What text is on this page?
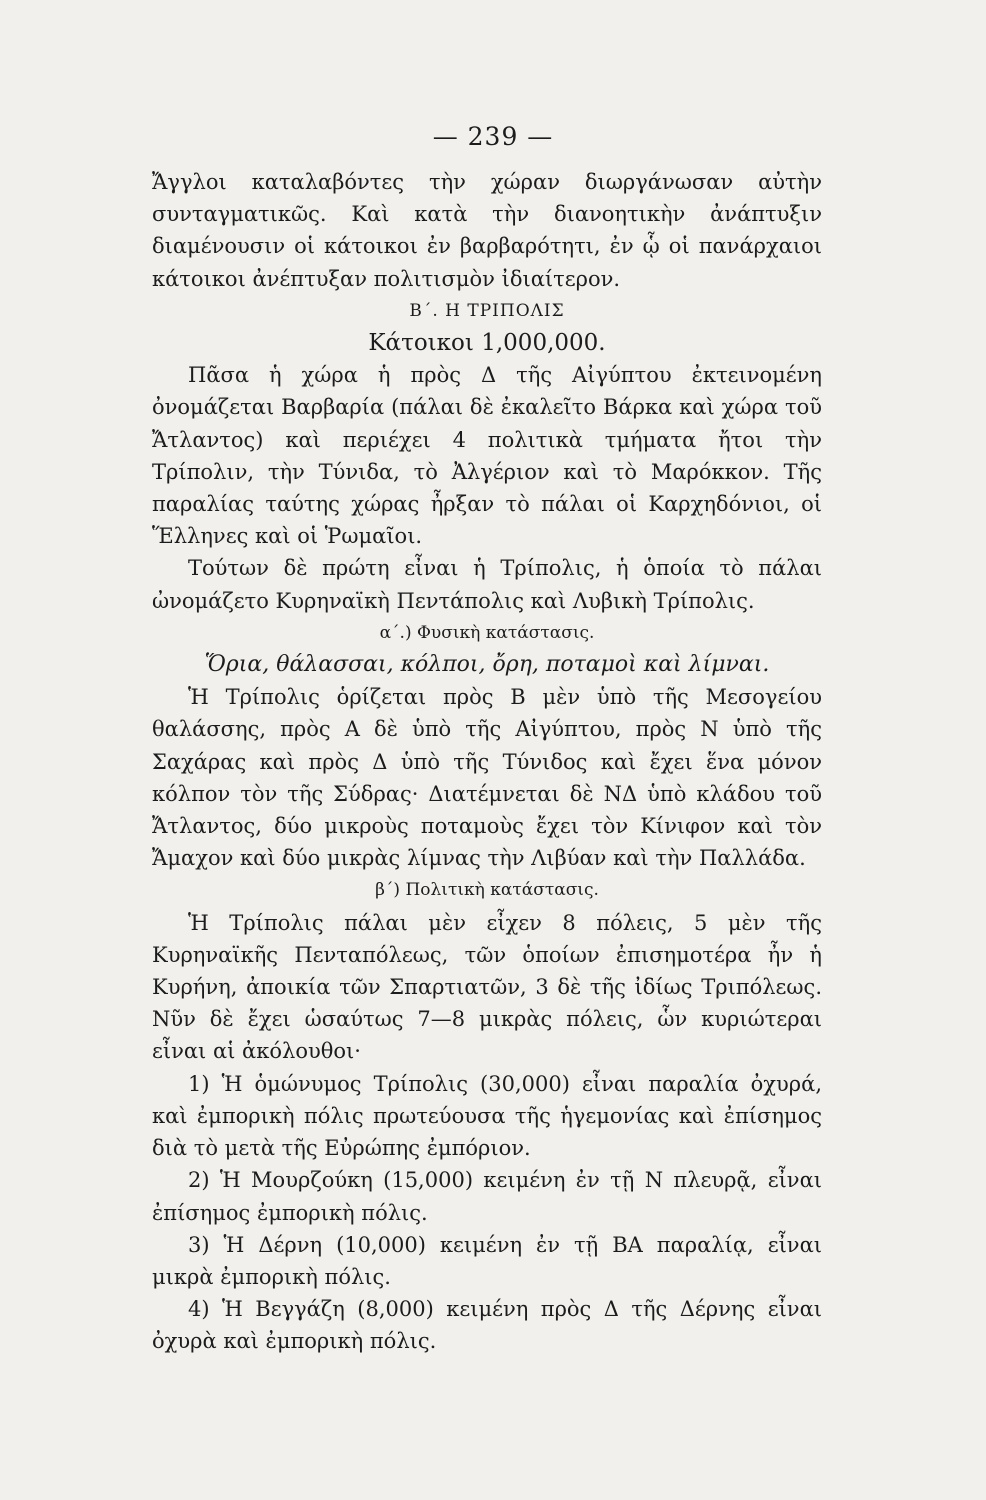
— 239 —

Ἄγγλοι καταλαβόντες τὴν χώραν διωργάνωσαν αὐτὴν συνταγματικῶς. Καὶ κατὰ τὴν διανοητικὴν ἀνάπτυξιν διαμένουσιν οἱ κάτοικοι ἐν βαρβαρότητι, ἐν ᾧ οἱ πανάρχαιοι κάτοικοι ἀνέπτυξαν πολιτισμὸν ἰδιαίτερον.

Β΄. Η ΤΡΙΠΟΛΙΣ

Κάτοικοι 1,000,000.

Πᾶσα ἡ χώρα ἡ πρὸς Δ τῆς Αἰγύπτου ἐκτεινομένη ὀνομάζεται Βαρβαρία (πάλαι δὲ ἐκαλεῖτο Βάρκα καὶ χώρα τοῦ Ἄτλαντος) καὶ περιέχει 4 πολιτικὰ τμήματα ἤτοι τὴν Τρίπολιν, τὴν Τύνιδα, τὸ Ἀλγέριον καὶ τὸ Μαρόκκον. Τῆς παραλίας ταύτης χώρας ἦρξαν τὸ πάλαι οἱ Καρχηδόνιοι, οἱ Ἕλληνες καὶ οἱ Ῥωμαῖοι.

Τούτων δὲ πρώτη εἶναι ἡ Τρίπολις, ἡ ὁποία τὸ πάλαι ὠνομάζετο Κυρηναϊκὴ Πεντάπολις καὶ Λυβικὴ Τρίπολις.

α΄.) Φυσικὴ κατάστασις.

Ὅρια, θάλασσαι, κόλποι, ὄρη, ποταμοὶ καὶ λίμναι.

Ἡ Τρίπολις ὁρίζεται πρὸς Β μὲν ὑπὸ τῆς Μεσογείου θαλάσσης, πρὸς Α δὲ ὑπὸ τῆς Αἰγύπτου, πρὸς Ν ὑπὸ τῆς Σαχάρας καὶ πρὸς Δ ὑπὸ τῆς Τύνιδος καὶ ἔχει ἕνα μόνον κόλπον τὸν τῆς Σύδρας· Διατέμνεται δὲ ΝΔ ὑπὸ κλάδου τοῦ Ἄτλαντος, δύο μικροὺς ποταμοὺς ἔχει τὸν Κίνιφον καὶ τὸν Ἄμαχον καὶ δύο μικρὰς λίμνας τὴν Λιβύαν καὶ τὴν Παλλάδα.

β΄) Πολιτικὴ κατάστασις.

Ἡ Τρίπολις πάλαι μὲν εἶχεν 8 πόλεις, 5 μὲν τῆς Κυρηναϊκῆς Πενταπόλεως, τῶν ὁποίων ἐπισημοτέρα ἦν ἡ Κυρήνη, ἀποικία τῶν Σπαρτιατῶν, 3 δὲ τῆς ἰδίως Τριπόλεως. Νῦν δὲ ἔχει ὡσαύτως 7—8 μικρὰς πόλεις, ὧν κυριώτεραι εἶναι αἱ ἀκόλουθοι·

1) Ἡ ὁμώνυμος Τρίπολις (30,000) εἶναι παραλία ὀχυρά, καὶ ἐμπορικὴ πόλις πρωτεύουσα τῆς ἡγεμονίας καὶ ἐπίσημος διὰ τὸ μετὰ τῆς Εὐρώπης ἐμπόριον.

2) Ἡ Μουρζούκη (15,000) κειμένη ἐν τῇ Ν πλευρᾷ, εἶναι ἐπίσημος ἐμπορικὴ πόλις.

3) Ἡ Δέρνη (10,000) κειμένη ἐν τῇ ΒΑ παραλίᾳ, εἶναι μικρὰ ἐμπορικὴ πόλις.

4) Ἡ Βεγγάζη (8,000) κειμένη πρὸς Δ τῆς Δέρνης εἶναι ὀχυρὰ καὶ ἐμπορικὴ πόλις.
